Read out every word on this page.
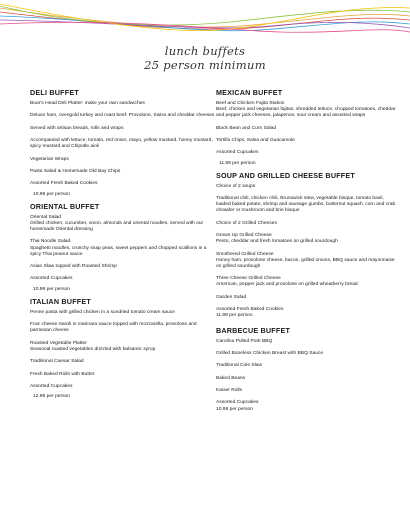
lunch buffets
25 person minimum
DELI BUFFET
Boar's Head Deli Platter: make your own sandwiches
Deluxe ham, ovengold turkey and roast beef: Provolone, Swiss and cheddar cheeses
Served with artisan breads, rolls and wraps
Accompanied with lettuce, tomato, red onion, mayo, yellow mustard, honey mustard, spicy mustard and Chipotle aioli
Vegetarian Wraps
Pasta Salad & Homemade Old Bay Chips
Assorted Fresh Baked Cookies
10.99 per person
ORIENTAL BUFFET
Oriental Salad
Grilled chicken, cucumber, onion, almonds and oriental noodles, served with our homemade Oriental dressing
Thai Noodle Salad
Spaghetti noodles, crunchy snap peas, sweet peppers and chopped scallions in a spicy Thai peanut sauce
Asian Slaw topped with Roasted Shrimp
Assorted Cupcakes
10.99 per person
ITALIAN BUFFET
Penne pasta with grilled chicken in a sundried tomato cream sauce
Four cheese ravioli in marinara sauce topped with mozzarella, provolone and parmesan cheese
Roasted Vegetable Platter
Seasonal roasted vegetables drizzled with balsamic syrup
Traditional Caesar Salad
Fresh Baked Rolls with Butter
Assorted Cupcakes
12.99 per person
MEXICAN BUFFET
Beef and Chicken Fajita Station
Beef, chicken and vegetarian fajitas, shredded lettuce, chopped tomatoes, cheddar and pepper jack cheeses, jalapenos, sour cream and assorted wraps
Black Bean and Corn Salad
Tortilla Chips, Salsa and Guacamole
Assorted Cupcakes
11.99 per person
SOUP AND GRILLED CHEESE BUFFET
Choice of 2 soups
Traditional chili, chicken chili, Brunswick stew, vegetable bisque, tomato basil, loaded baked potato, shrimp and sausage gumbo, butternut squash, corn and crab chowder or mushroom and brie bisque
Choice of 2 Grilled Cheeses
Grown Up Grilled Cheese
Pesto, cheddar and fresh tomatoes on grilled sourdough
Smothered Grilled Cheese
Honey ham, provolone cheese, bacon, grilled onions, BBQ sauce and mayonnaise on grilled sourdough
Three Cheese Grilled Cheese
American, pepper jack and provolone on grilled wheatberry bread
Garden Salad
Assorted Fresh Baked Cookies
11.99 per person
BARBECUE BUFFET
Carolina Pulled Pork BBQ
Grilled Boneless Chicken Breast with BBQ Sauce
Traditional Cole Slaw
Baked Beans
Kaiser Rolls
Assorted Cupcakes
10.99 per person
